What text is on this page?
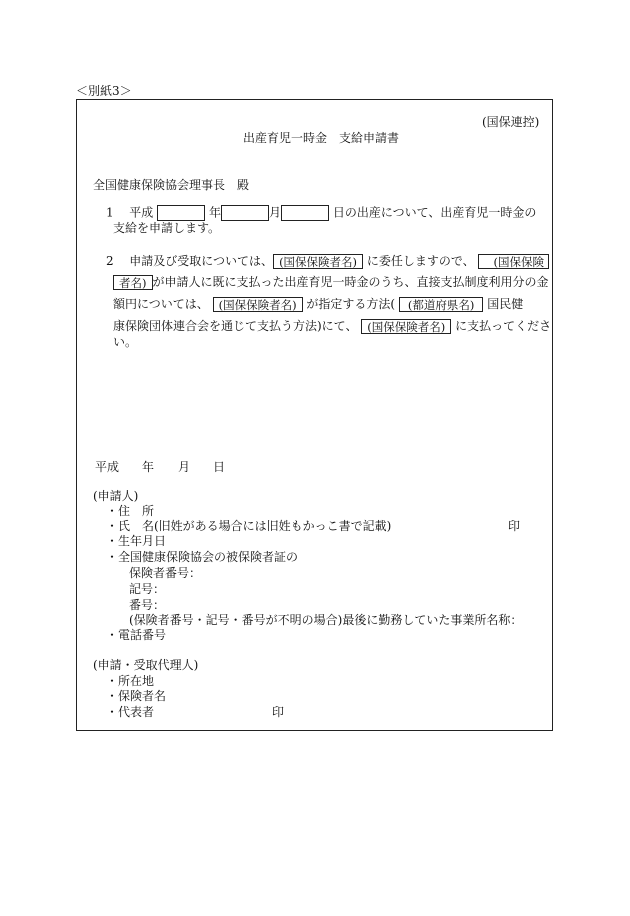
＜別紙3＞
(国保連控)
出産育児一時金　支給申請書
全国健康保険協会理事長　殿
1 平成	年	月	日の出産について、出産育児一時金の
支給を申請します。
2 申請及び受取については、 (国保保険者名) に委任しますので、 (国保保険
者名) が申請人に既に支払った出産育児一時金のうち、直接支払制度利用分の金
額円については、 (国保保険者名) が指定する方法( (都道府県名) 国民健
康保険団体連合会を通じて支払う方法)にて、 (国保保険者名) に支払ってくださ
い。
平成 年 月 日
(申請人)
・住　所
・氏　名(旧姓がある場合には旧姓もかっこ書で記載)	印
・生年月日
・全国健康保険協会の被保険者証の
保険者番号：
記号：
番号：
(保険者番号・記号・番号が不明の場合)最後に勤務していた事業所名称：
・電話番号
(申請・受取代理人)
・所在地
・保険者名
・代表者	印
